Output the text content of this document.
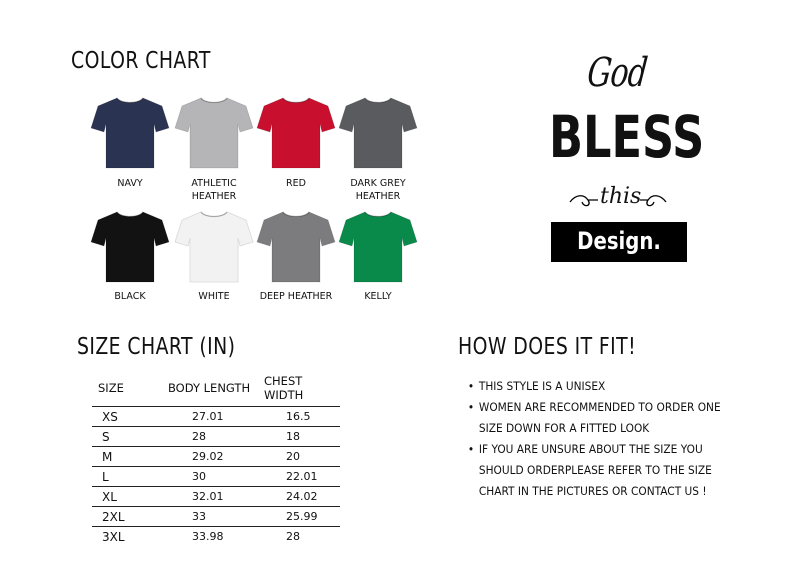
COLOR CHART
NAVY	ATHLETIC HEATHER
RED	DARK GREY HEATHER
BLACK	WHITE	DEEP HEATHER	KELLY
God
BLESS
this
Design.
SIZE CHART (IN)
SIZE	BODY LENGTH	CHEST WIDTH
XS	27.01	16.5
S	28	18
M	29.02	20
L	30	22.01
XL	32.01	24.02
2XL	33	25.99
3XL	33.98	28
HOW DOES IT FIT!
• THIS STYLE IS A UNISEX
• WOMEN ARE RECOMMENDED TO ORDER ONE SIZE DOWN FOR A FITTED LOOK
• IF YOU ARE UNSURE ABOUT THE SIZE YOU SHOULD ORDERPLEASE REFER TO THE SIZE CHART IN THE PICTURES OR CONTACT US !
